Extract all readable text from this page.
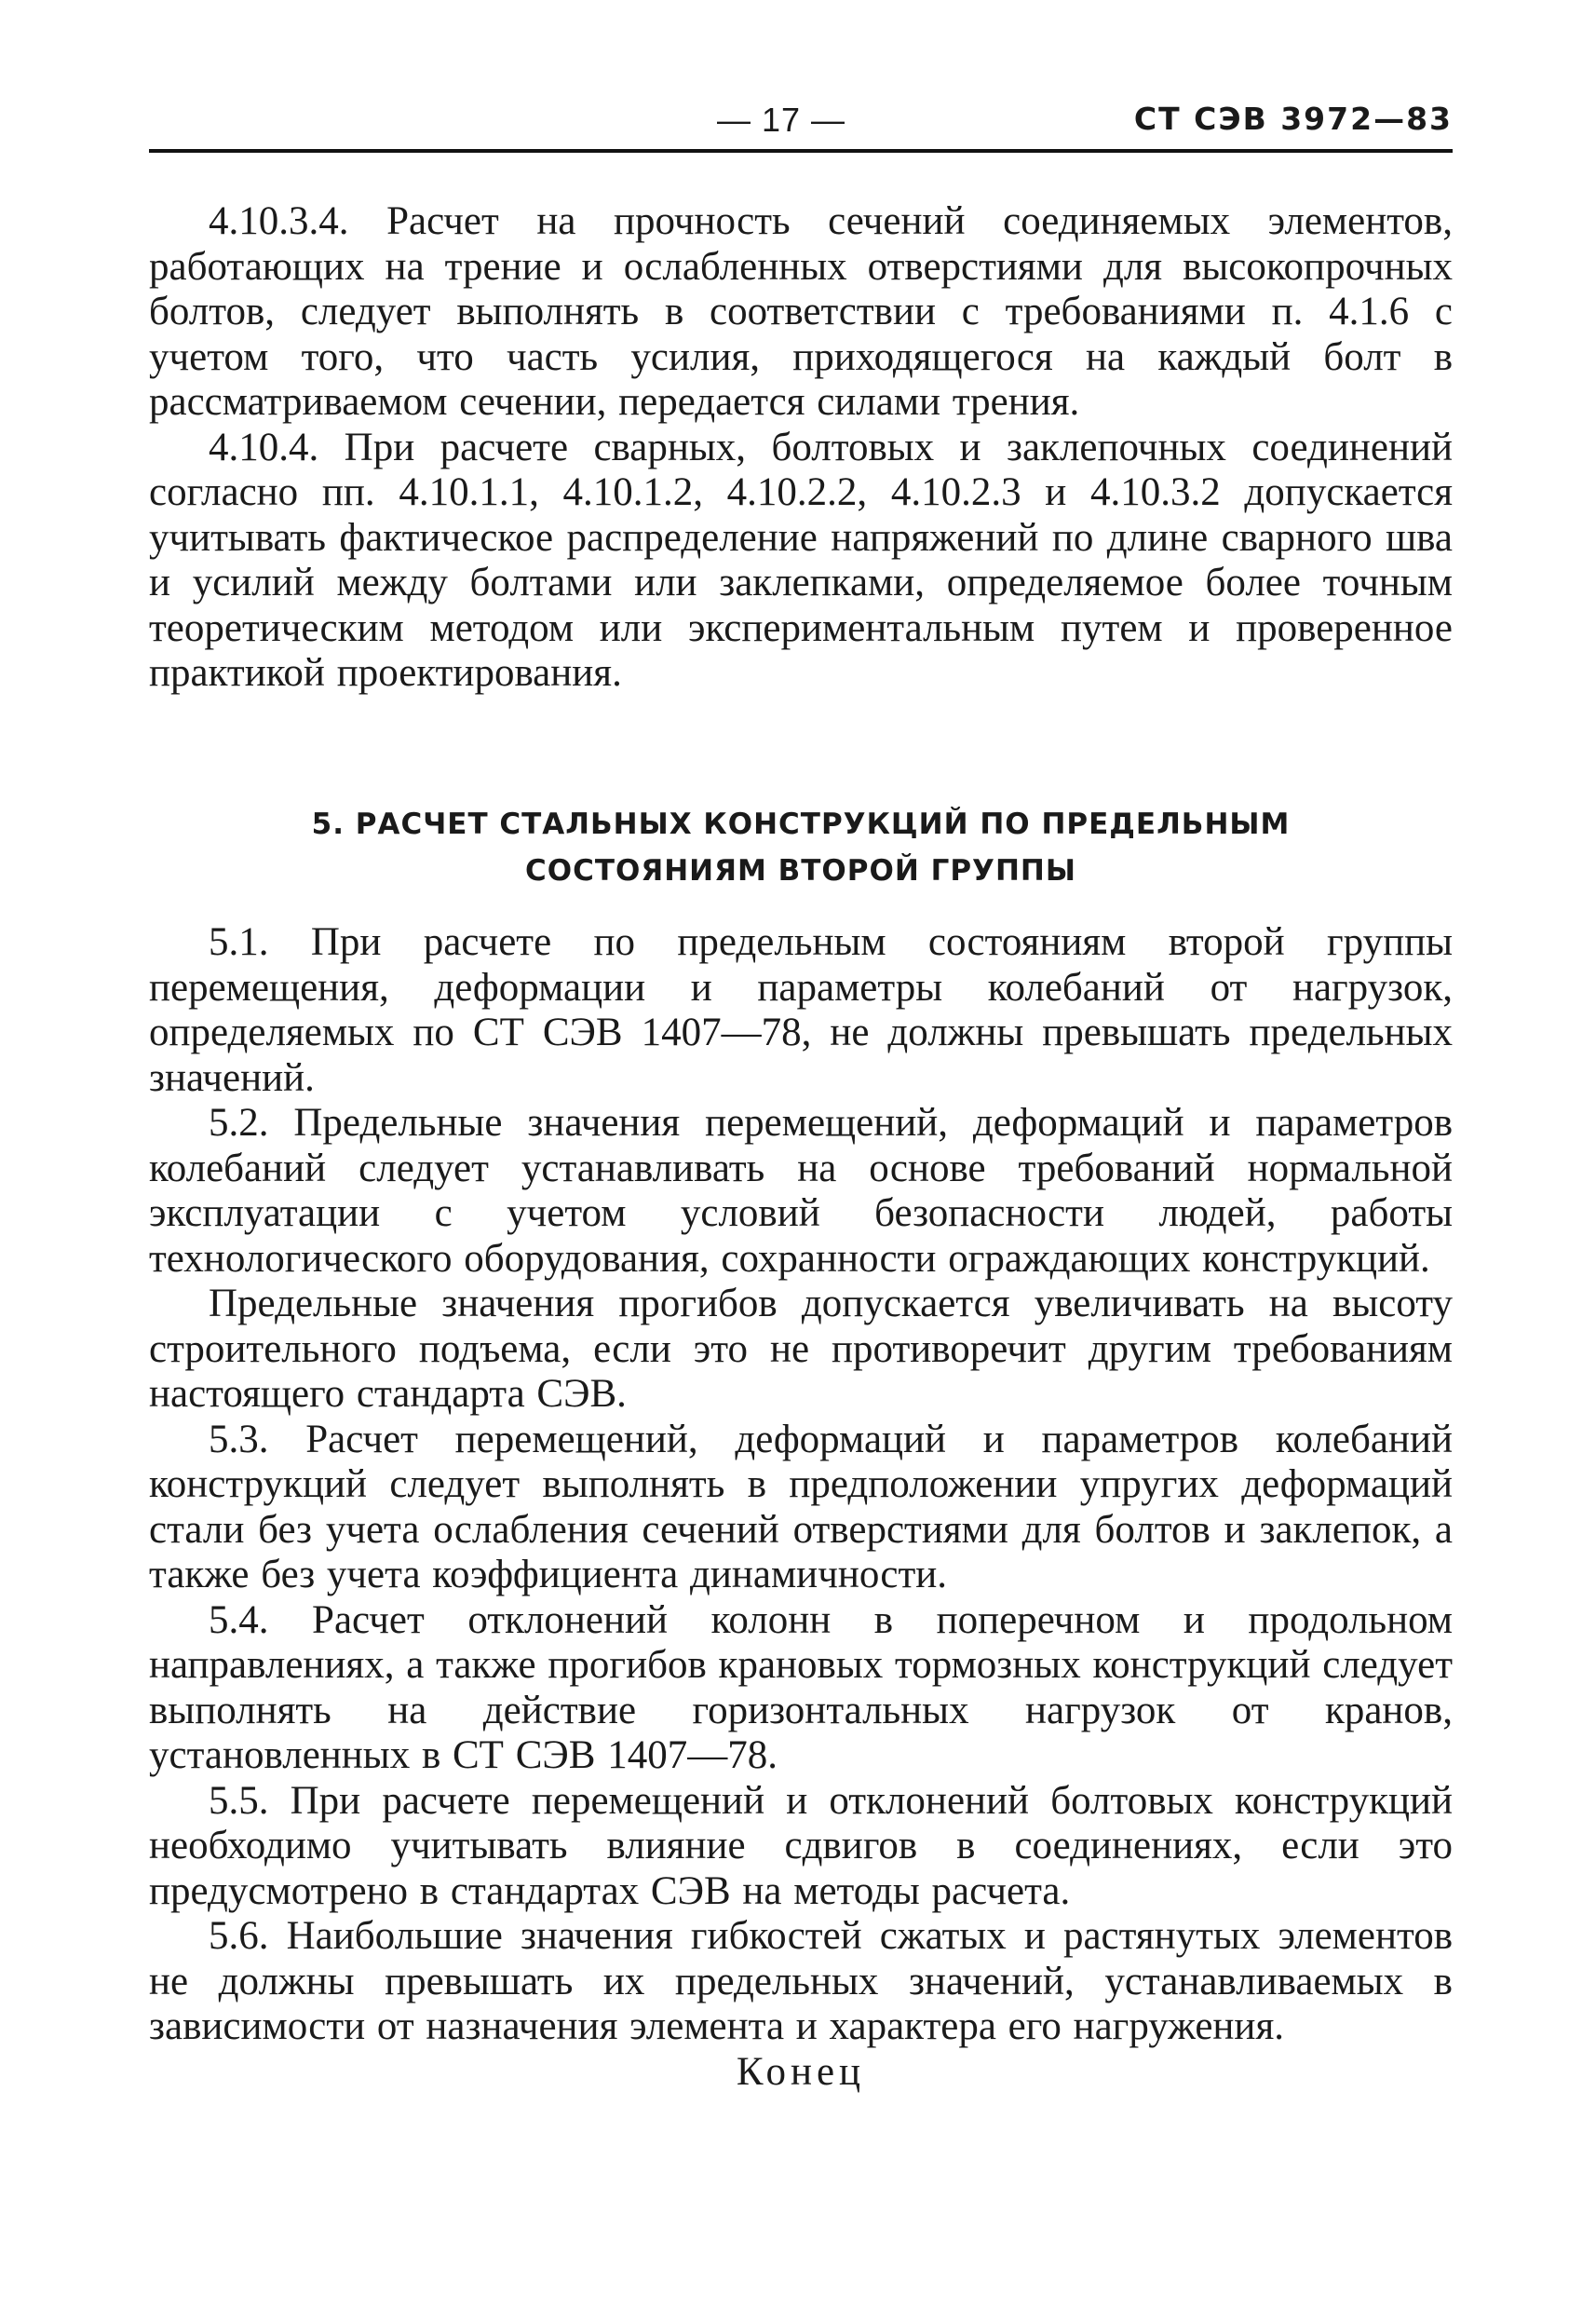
— 17 —	СТ СЭВ 3972—83

4.10.3.4. Расчет на прочность сечений соединяемых элементов, работающих на трение и ослабленных отверстиями для высокопрочных болтов, следует выполнять в соответствии с требованиями п. 4.1.6 с учетом того, что часть усилия, приходящегося на каждый болт в рассматриваемом сечении, передается силами трения.

4.10.4. При расчете сварных, болтовых и заклепочных соединений согласно пп. 4.10.1.1, 4.10.1.2, 4.10.2.2, 4.10.2.3 и 4.10.3.2 допускается учитывать фактическое распределение напряжений по длине сварного шва и усилий между болтами или заклепками, определяемое более точным теоретическим методом или экспериментальным путем и проверенное практикой проектирования.

5. РАСЧЕТ СТАЛЬНЫХ КОНСТРУКЦИЙ ПО ПРЕДЕЛЬНЫМ
СОСТОЯНИЯМ ВТОРОЙ ГРУППЫ

5.1. При расчете по предельным состояниям второй группы перемещения, деформации и параметры колебаний от нагрузок, определяемых по СТ СЭВ 1407—78, не должны превышать предельных значений.

5.2. Предельные значения перемещений, деформаций и параметров колебаний следует устанавливать на основе требований нормальной эксплуатации с учетом условий безопасности людей, работы технологического оборудования, сохранности ограждающих конструкций.

Предельные значения прогибов допускается увеличивать на высоту строительного подъема, если это не противоречит другим требованиям настоящего стандарта СЭВ.

5.3. Расчет перемещений, деформаций и параметров колебаний конструкций следует выполнять в предположении упругих деформаций стали без учета ослабления сечений отверстиями для болтов и заклепок, а также без учета коэффициента динамичности.

5.4. Расчет отклонений колонн в поперечном и продольном направлениях, а также прогибов крановых тормозных конструкций следует выполнять на действие горизонтальных нагрузок от кранов, установленных в СТ СЭВ 1407—78.

5.5. При расчете перемещений и отклонений болтовых конструкций необходимо учитывать влияние сдвигов в соединениях, если это предусмотрено в стандартах СЭВ на методы расчета.

5.6. Наибольшие значения гибкостей сжатых и растянутых элементов не должны превышать их предельных значений, устанавливаемых в зависимости от назначения элемента и характера его нагружения.

Конец
